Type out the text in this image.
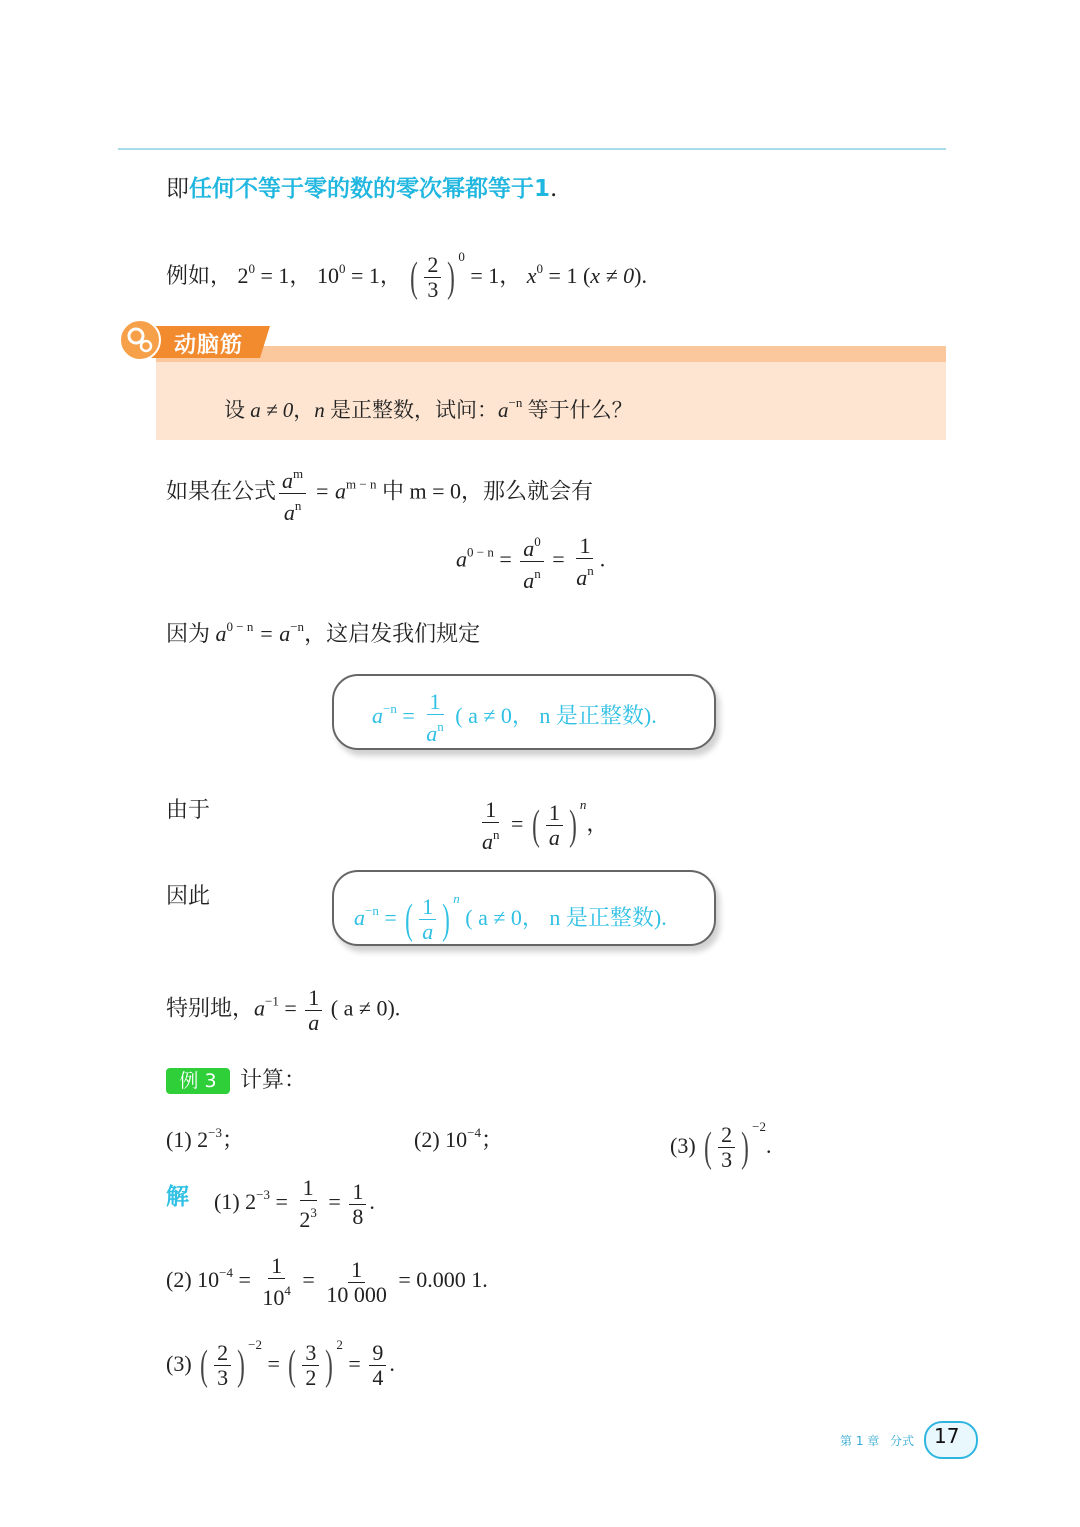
即任何不等于零的数的零次幂都等于1.
例如， $2^0 = 1$， $10^0 = 1$， ( $\frac{2}{3}$ ) $^0$ = 1， $x^0 = 1$ (x ≠ 0).
动脑筋
设 a ≠ 0，n 是正整数，试问：$a^{-n}$ 等于什么？
如果在公式 $\frac{a^m}{a^n} = a^{m - n}$ 中 m = 0，那么就会有
$a^{0 - n} = \frac{a^0}{a^n} = \frac{1}{a^n}$ .
因为 $a^{0 - n} = a^{-n}$，这启发我们规定
$a^{-n} = \frac{1}{a^n}$ ( a ≠ 0， n 是正整数).
由于	$\frac{1}{a^n}$ = ( $\frac{1}{a}$ ) $^n$，
因此
$a^{-n}$ = ( $\frac{1}{a}$ ) $^n$ ( a ≠ 0， n 是正整数).
特别地，$a^{-1} = \frac{1}{a}$ ( a ≠ 0).
例 3	计算：
(1) $2^{-3}$；	(2) $10^{-4}$；	(3) ( $\frac{2}{3}$ ) $^{-2}$.
解 (1) $2^{-3} = \frac{1}{2^3} = \frac{1}{8}$ .
(2) $10^{-4} = \frac{1}{10^4} = \frac{1}{10 000} = 0.000$ 1.
(3) ( $\frac{2}{3}$ ) $^{-2}$ = ( $\frac{3}{2}$ ) $^2 = \frac{9}{4}$ .
第 1 章 分式 17
